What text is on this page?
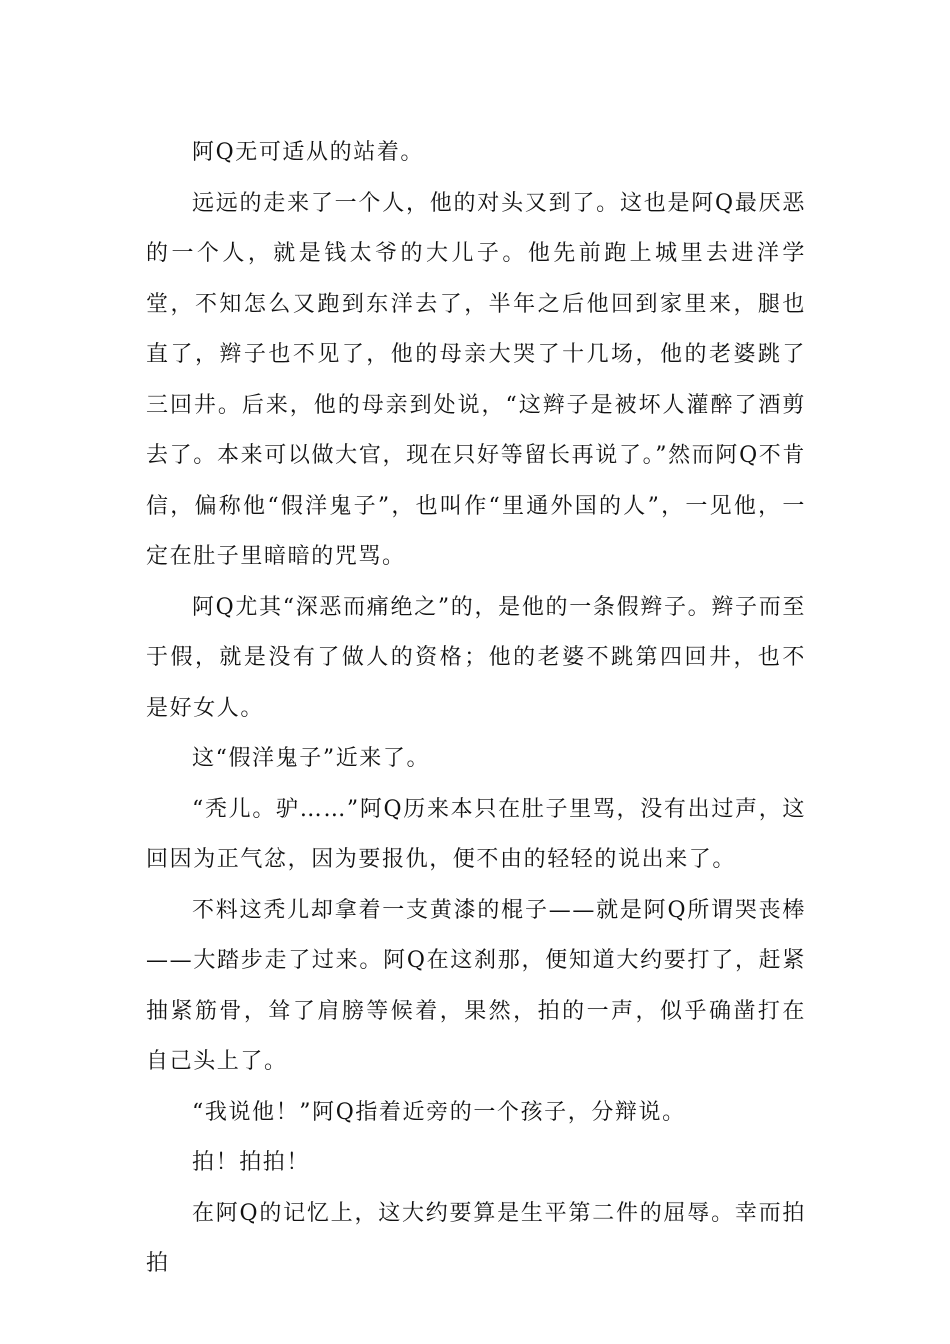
阿Q无可适从的站着。

远远的走来了一个人，他的对头又到了。这也是阿Q最厌恶的一个人，就是钱太爷的大儿子。他先前跑上城里去进洋学堂，不知怎么又跑到东洋去了，半年之后他回到家里来，腿也直了，辫子也不见了，他的母亲大哭了十几场，他的老婆跳了三回井。后来，他的母亲到处说，“这辫子是被坏人灌醉了酒剪去了。本来可以做大官，现在只好等留长再说了。”然而阿Q不肯信，偏称他“假洋鬼子”，也叫作“里通外国的人”，一见他，一定在肚子里暗暗的咒骂。

阿Q尤其“深恶而痛绝之”的，是他的一条假辫子。辫子而至于假，就是没有了做人的资格；他的老婆不跳第四回井，也不是好女人。

这“假洋鬼子”近来了。

“秃儿。驴……”阿Q历来本只在肚子里骂，没有出过声，这回因为正气忿，因为要报仇，便不由的轻轻的说出来了。

不料这秃儿却拿着一支黄漆的棍子——就是阿Q所谓哭丧棒——大踏步走了过来。阿Q在这刹那，便知道大约要打了，赶紧抽紧筋骨，耸了肩膀等候着，果然，拍的一声，似乎确凿打在自己头上了。

“我说他！”阿Q指着近旁的一个孩子，分辩说。

拍！拍拍！

在阿Q的记忆上，这大约要算是生平第二件的屈辱。幸而拍拍
